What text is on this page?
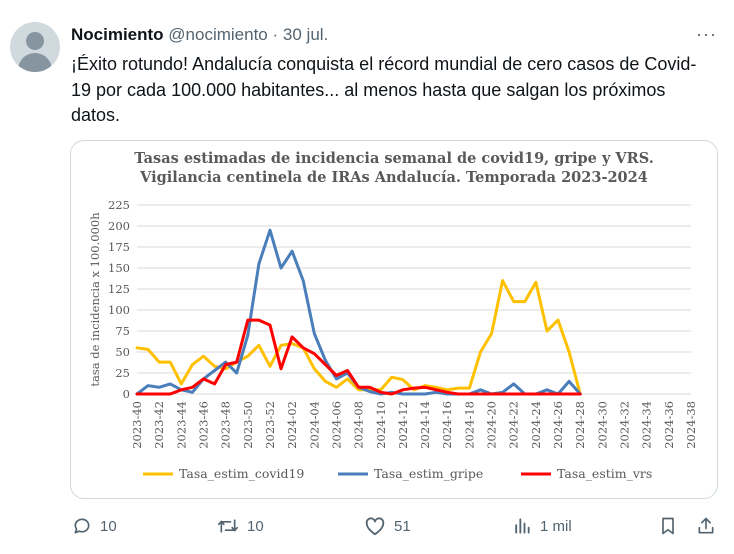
Nocimiento @nocimiento · 30 jul.	···
¡Éxito rotundo! Andalucía conquista el récord mundial de cero casos de Covid-19 por cada 100.000 habitantes... al menos hasta que salgan los próximos datos.
Tasas estimadas de incidencia semanal de covid19, gripe y VRS.
Vigilancia centinela de IRAs Andalucía. Temporada 2023-2024
0
25
50
75
100
125
150
175
200
225
tasa de incidencia x 100.000h
2023-40 2023-42 2023-44 2023-46 2023-48 2023-50 2023-52 2024-02 2024-04 2024-06 2024-08 2024-10 2024-12 2024-14 2024-16 2024-18 2024-20 2024-22 2024-24 2024-26 2024-28 2024-30 2024-32 2024-34 2024-36 2024-38
Tasa_estim_covid19	Tasa_estim_gripe	Tasa_estim_vrs
10	10	51	1 mil
